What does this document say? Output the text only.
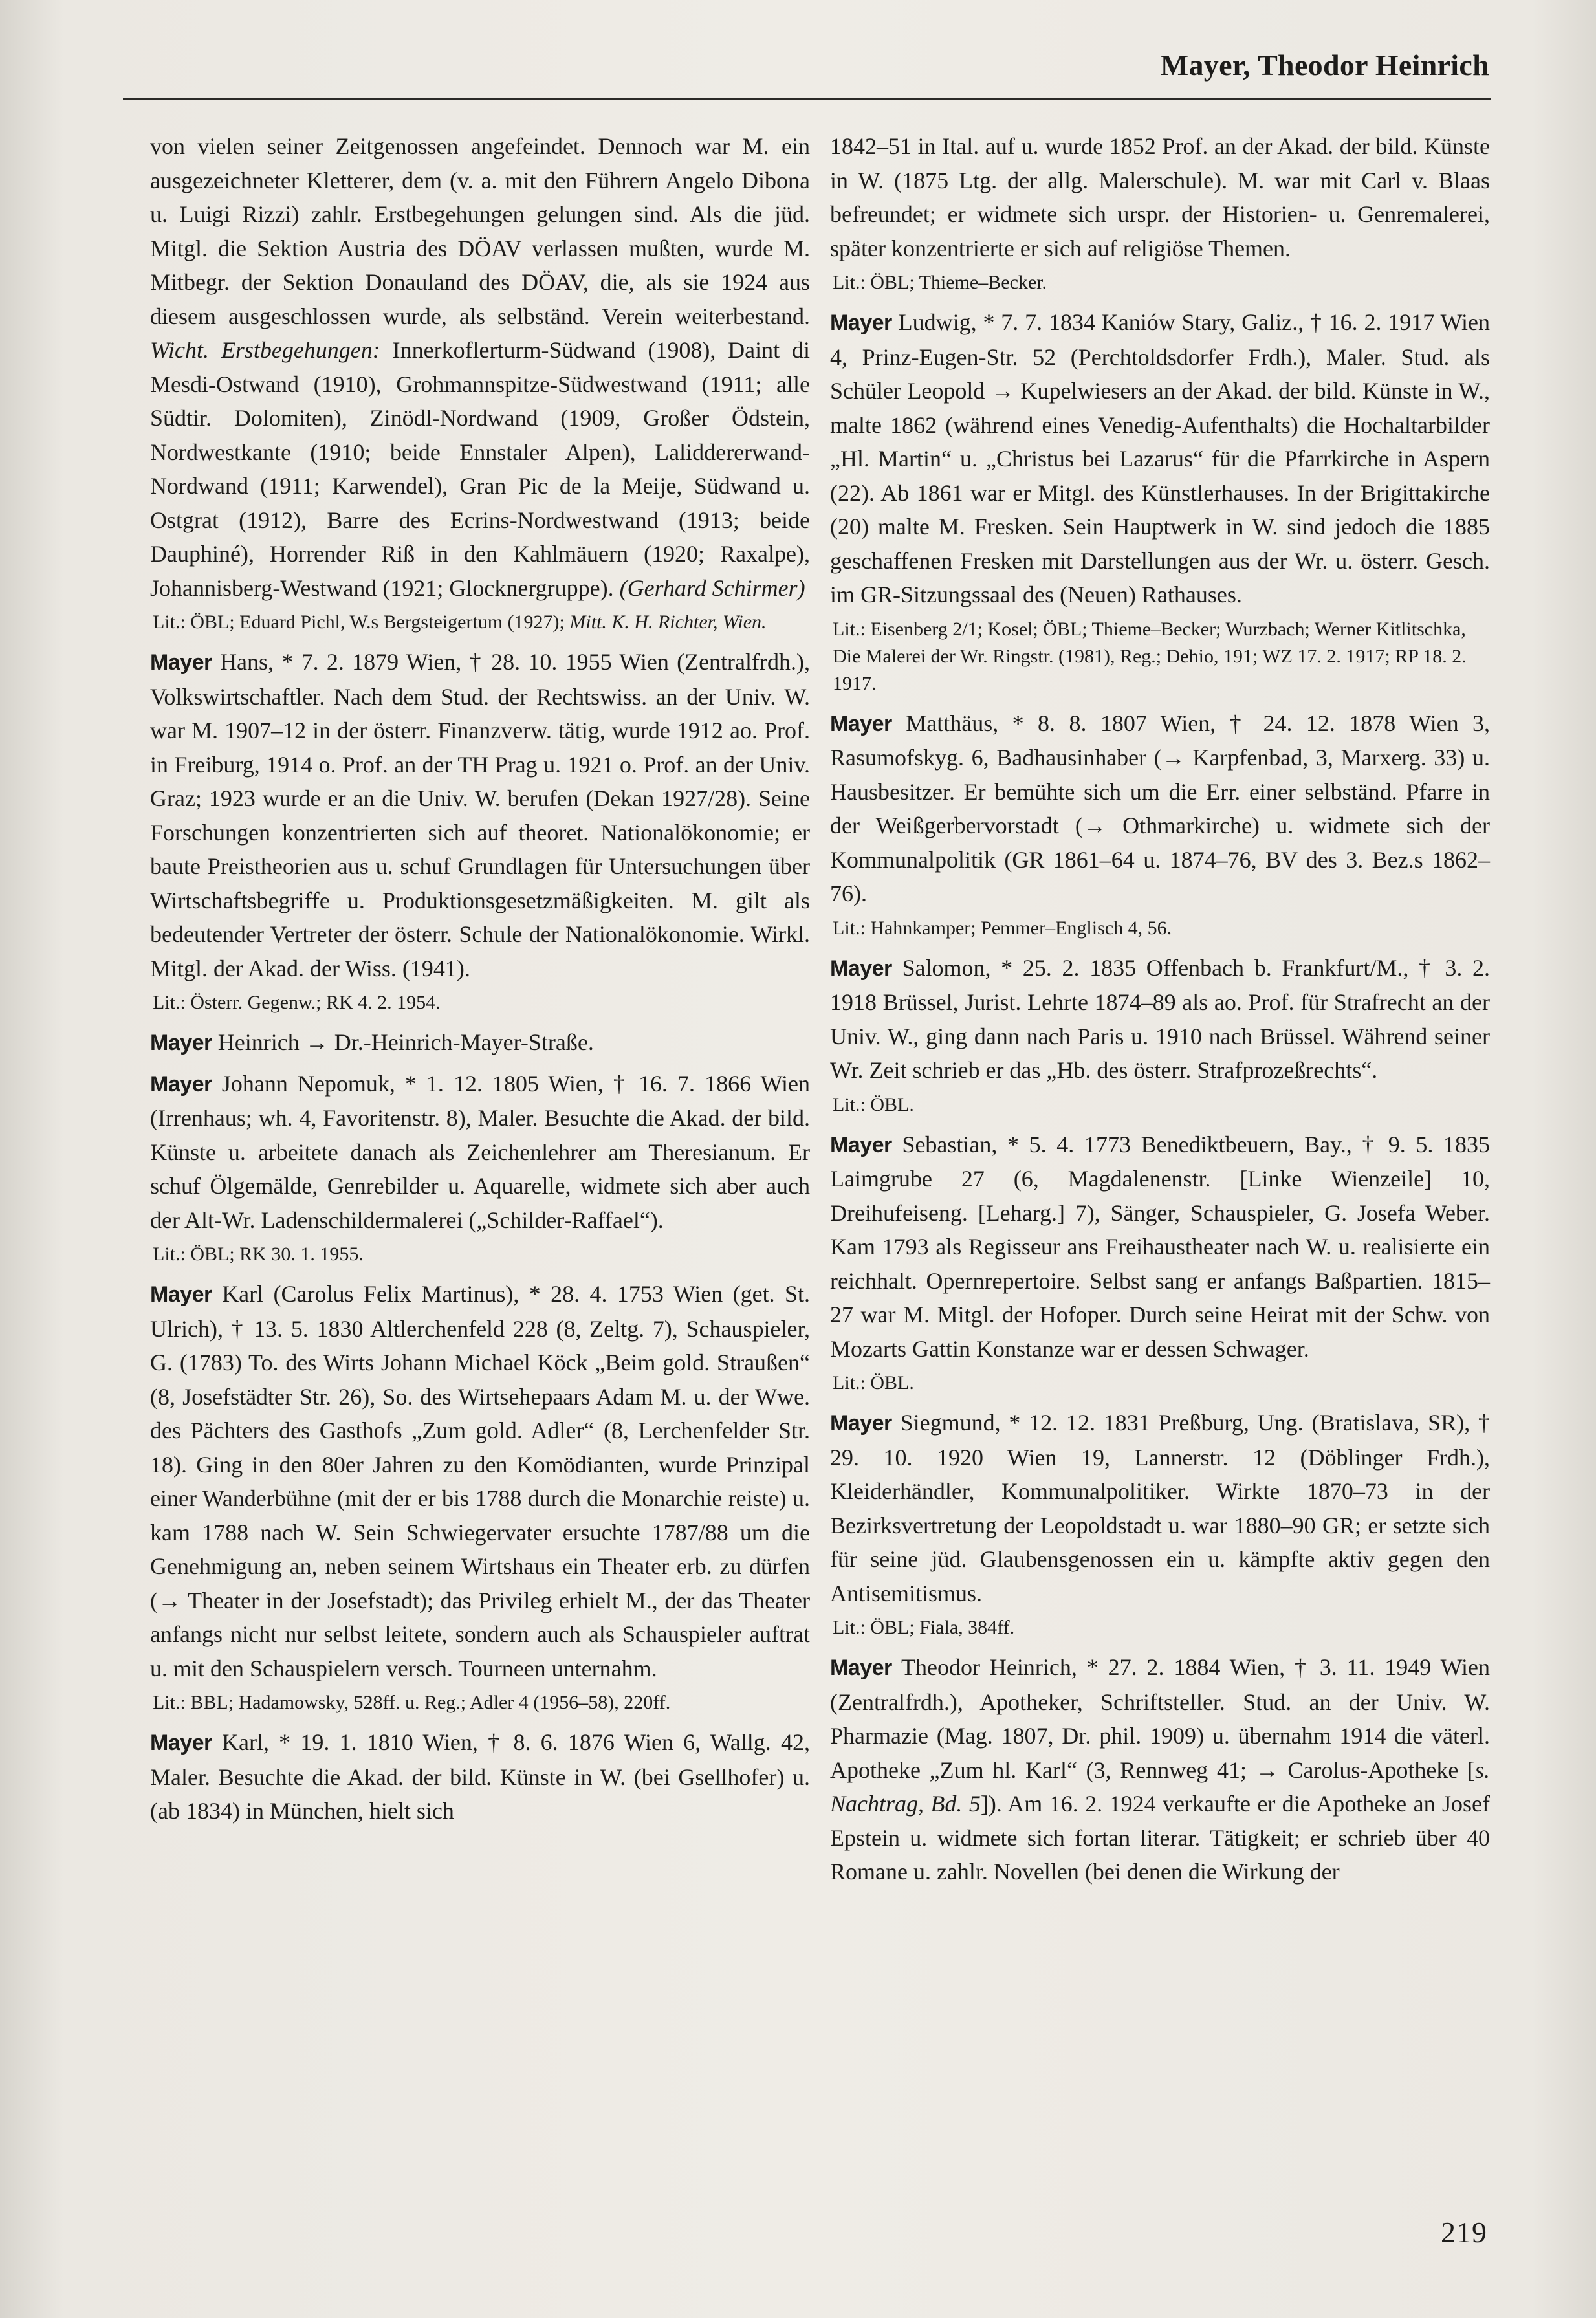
Mayer, Theodor Heinrich

von vielen seiner Zeitgenossen angefeindet. Dennoch war M. ein ausgezeichneter Kletterer, dem (v. a. mit den Führern Angelo Dibona u. Luigi Rizzi) zahlr. Erstbegehungen gelungen sind. Als die jüd. Mitgl. die Sektion Austria des DÖAV verlassen mußten, wurde M. Mitbegr. der Sektion Donauland des DÖAV, die, als sie 1924 aus diesem ausgeschlossen wurde, als selbständ. Verein weiterbestand. Wicht. Erstbegehungen: Innerkoflerturm-Südwand (1908), Daint di Mesdi-Ostwand (1910), Grohmannspitze-Südwestwand (1911; alle Südtir. Dolomiten), Zinödl-Nordwand (1909, Großer Ödstein, Nordwestkante (1910; beide Ennstaler Alpen), Laliddererwand-Nordwand (1911; Karwendel), Gran Pic de la Meije, Südwand u. Ostgrat (1912), Barre des Ecrins-Nordwestwand (1913; beide Dauphiné), Horrender Riß in den Kahlmäuern (1920; Raxalpe), Johannisberg-Westwand (1921; Glocknergruppe). (Gerhard Schirmer)

Lit.: ÖBL; Eduard Pichl, W.s Bergsteigertum (1927); Mitt. K. H. Richter, Wien.

Mayer Hans, * 7. 2. 1879 Wien, † 28. 10. 1955 Wien (Zentralfrdh.), Volkswirtschaftler. Nach dem Stud. der Rechtswiss. an der Univ. W. war M. 1907–12 in der österr. Finanzverw. tätig, wurde 1912 ao. Prof. in Freiburg, 1914 o. Prof. an der TH Prag u. 1921 o. Prof. an der Univ. Graz; 1923 wurde er an die Univ. W. berufen (Dekan 1927/28). Seine Forschungen konzentrierten sich auf theoret. Nationalökonomie; er baute Preistheorien aus u. schuf Grundlagen für Untersuchungen über Wirtschaftsbegriffe u. Produktionsgesetzmäßigkeiten. M. gilt als bedeutender Vertreter der österr. Schule der Nationalökonomie. Wirkl. Mitgl. der Akad. der Wiss. (1941).

Lit.: Österr. Gegenw.; RK 4. 2. 1954.

Mayer Heinrich → Dr.-Heinrich-Mayer-Straße.

Mayer Johann Nepomuk, * 1. 12. 1805 Wien, † 16. 7. 1866 Wien (Irrenhaus; wh. 4, Favoritenstr. 8), Maler. Besuchte die Akad. der bild. Künste u. arbeitete danach als Zeichenlehrer am Theresianum. Er schuf Ölgemälde, Genrebilder u. Aquarelle, widmete sich aber auch der Alt-Wr. Ladenschildermalerei („Schilder-Raffael“).

Lit.: ÖBL; RK 30. 1. 1955.

Mayer Karl (Carolus Felix Martinus), * 28. 4. 1753 Wien (get. St. Ulrich), † 13. 5. 1830 Altlerchenfeld 228 (8, Zeltg. 7), Schauspieler, G. (1783) To. des Wirts Johann Michael Köck „Beim gold. Straußen“ (8, Josefstädter Str. 26), So. des Wirtsehepaars Adam M. u. der Wwe. des Pächters des Gasthofs „Zum gold. Adler“ (8, Lerchenfelder Str. 18). Ging in den 80er Jahren zu den Komödianten, wurde Prinzipal einer Wanderbühne (mit der er bis 1788 durch die Monarchie reiste) u. kam 1788 nach W. Sein Schwiegervater ersuchte 1787/88 um die Genehmigung an, neben seinem Wirtshaus ein Theater erb. zu dürfen (→ Theater in der Josefstadt); das Privileg erhielt M., der das Theater anfangs nicht nur selbst leitete, sondern auch als Schauspieler auftrat u. mit den Schauspielern versch. Tourneen unternahm.

Lit.: BBL; Hadamowsky, 528ff. u. Reg.; Adler 4 (1956–58), 220ff.

Mayer Karl, * 19. 1. 1810 Wien, † 8. 6. 1876 Wien 6, Wallg. 42, Maler. Besuchte die Akad. der bild. Künste in W. (bei Gsellhofer) u. (ab 1834) in München, hielt sich

1842–51 in Ital. auf u. wurde 1852 Prof. an der Akad. der bild. Künste in W. (1875 Ltg. der allg. Malerschule). M. war mit Carl v. Blaas befreundet; er widmete sich urspr. der Historien- u. Genremalerei, später konzentrierte er sich auf religiöse Themen.

Lit.: ÖBL; Thieme–Becker.

Mayer Ludwig, * 7. 7. 1834 Kaniów Stary, Galiz., † 16. 2. 1917 Wien 4, Prinz-Eugen-Str. 52 (Perchtoldsdorfer Frdh.), Maler. Stud. als Schüler Leopold → Kupelwiesers an der Akad. der bild. Künste in W., malte 1862 (während eines Venedig-Aufenthalts) die Hochaltarbilder „Hl. Martin“ u. „Christus bei Lazarus“ für die Pfarrkirche in Aspern (22). Ab 1861 war er Mitgl. des Künstlerhauses. In der Brigittakirche (20) malte M. Fresken. Sein Hauptwerk in W. sind jedoch die 1885 geschaffenen Fresken mit Darstellungen aus der Wr. u. österr. Gesch. im GR-Sitzungssaal des (Neuen) Rathauses.

Lit.: Eisenberg 2/1; Kosel; ÖBL; Thieme–Becker; Wurzbach; Werner Kitlitschka, Die Malerei der Wr. Ringstr. (1981), Reg.; Dehio, 191; WZ 17. 2. 1917; RP 18. 2. 1917.

Mayer Matthäus, * 8. 8. 1807 Wien, † 24. 12. 1878 Wien 3, Rasumofskyg. 6, Badhausinhaber (→ Karpfenbad, 3, Marxerg. 33) u. Hausbesitzer. Er bemühte sich um die Err. einer selbständ. Pfarre in der Weißgerbervorstadt (→ Othmarkirche) u. widmete sich der Kommunalpolitik (GR 1861–64 u. 1874–76, BV des 3. Bez.s 1862–76).

Lit.: Hahnkamper; Pemmer–Englisch 4, 56.

Mayer Salomon, * 25. 2. 1835 Offenbach b. Frankfurt/M., † 3. 2. 1918 Brüssel, Jurist. Lehrte 1874–89 als ao. Prof. für Strafrecht an der Univ. W., ging dann nach Paris u. 1910 nach Brüssel. Während seiner Wr. Zeit schrieb er das „Hb. des österr. Strafprozeßrechts“.

Lit.: ÖBL.

Mayer Sebastian, * 5. 4. 1773 Benediktbeuern, Bay., † 9. 5. 1835 Laimgrube 27 (6, Magdalenenstr. [Linke Wienzeile] 10, Dreihufeiseng. [Leharg.] 7), Sänger, Schauspieler, G. Josefa Weber. Kam 1793 als Regisseur ans Freihaustheater nach W. u. realisierte ein reichhalt. Opernrepertoire. Selbst sang er anfangs Baßpartien. 1815–27 war M. Mitgl. der Hofoper. Durch seine Heirat mit der Schw. von Mozarts Gattin Konstanze war er dessen Schwager.

Lit.: ÖBL.

Mayer Siegmund, * 12. 12. 1831 Preßburg, Ung. (Bratislava, SR), † 29. 10. 1920 Wien 19, Lannerstr. 12 (Döblinger Frdh.), Kleiderhändler, Kommunalpolitiker. Wirkte 1870–73 in der Bezirksvertretung der Leopoldstadt u. war 1880–90 GR; er setzte sich für seine jüd. Glaubensgenossen ein u. kämpfte aktiv gegen den Antisemitismus.

Lit.: ÖBL; Fiala, 384ff.

Mayer Theodor Heinrich, * 27. 2. 1884 Wien, † 3. 11. 1949 Wien (Zentralfrdh.), Apotheker, Schriftsteller. Stud. an der Univ. W. Pharmazie (Mag. 1807, Dr. phil. 1909) u. übernahm 1914 die väterl. Apotheke „Zum hl. Karl“ (3, Rennweg 41; → Carolus-Apotheke [s. Nachtrag, Bd. 5]). Am 16. 2. 1924 verkaufte er die Apotheke an Josef Epstein u. widmete sich fortan literar. Tätigkeit; er schrieb über 40 Romane u. zahlr. Novellen (bei denen die Wirkung der

219
